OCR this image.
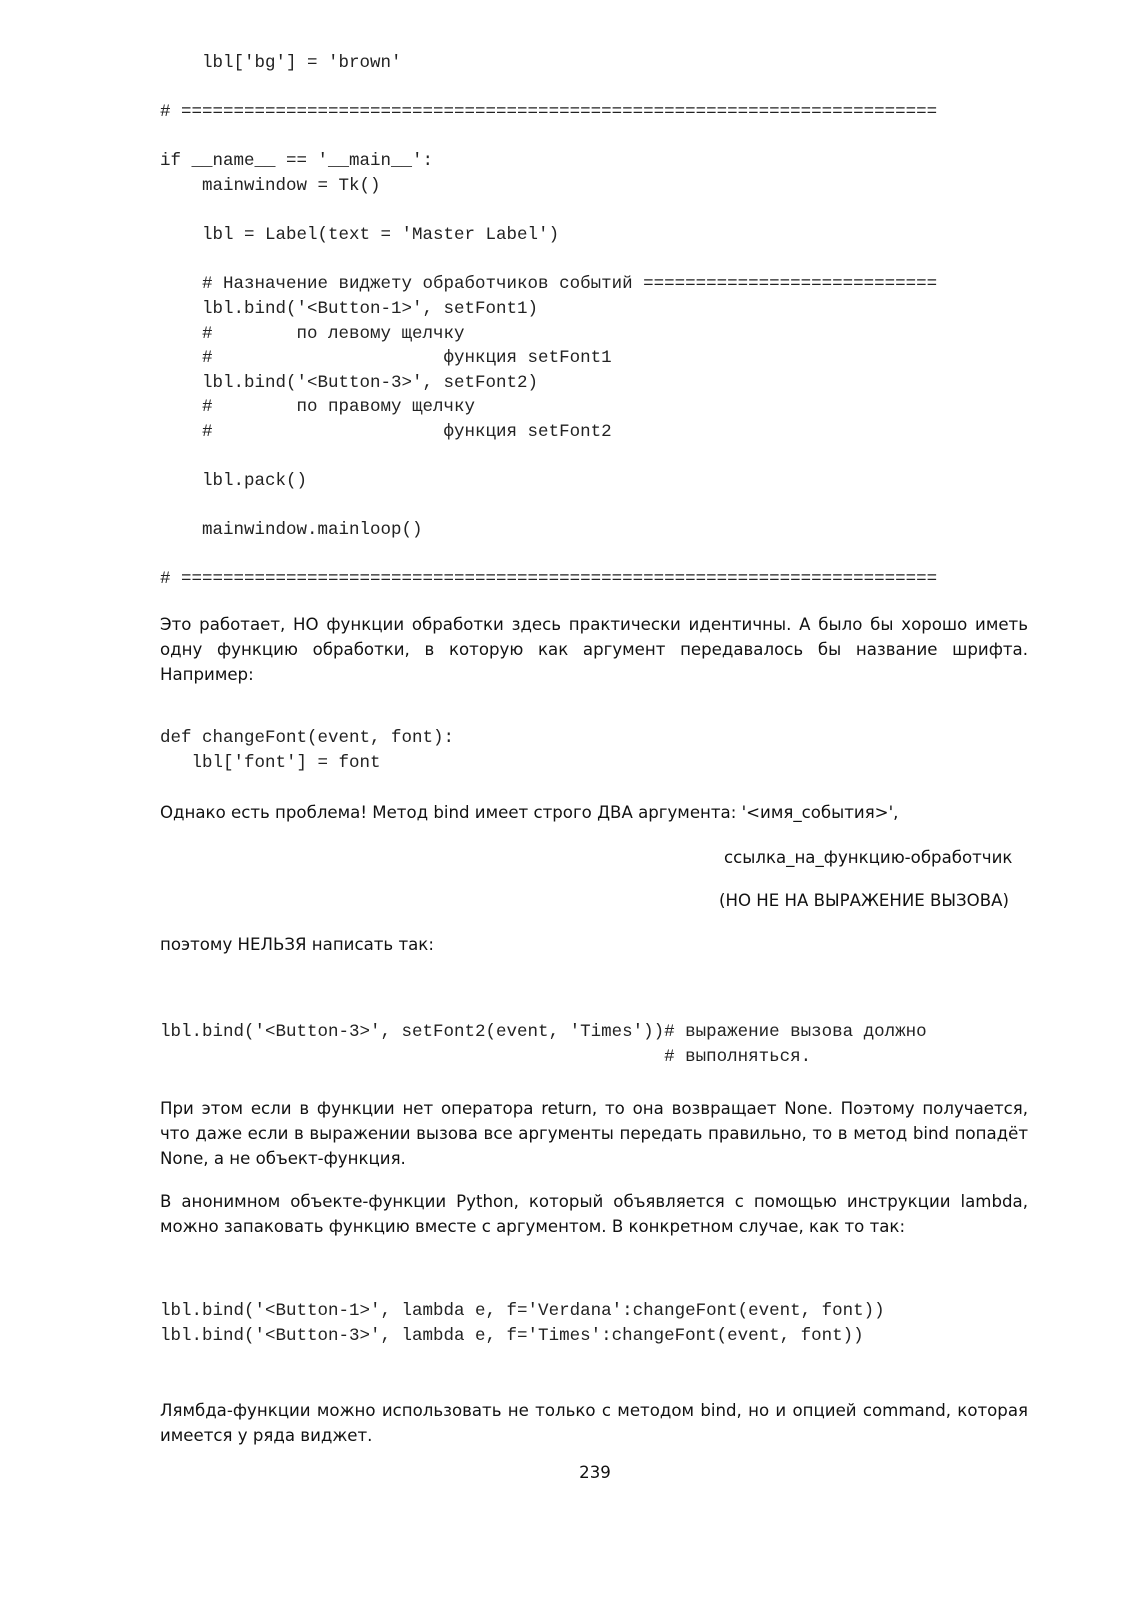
lbl['bg'] = 'brown'

# ========================================================================

if __name__ == '__main__':
mainwindow = Tk()

lbl = Label(text = 'Master Label')

# Назначение виджету обработчиков событий ============================
lbl.bind('<Button-1>', setFont1)
#        по левому щелчку
#                      функция setFont1
lbl.bind('<Button-3>', setFont2)
#        по правому щелчку
#                      функция setFont2

lbl.pack()

mainwindow.mainloop()

# ========================================================================

Это работает, НО функции обработки здесь практически идентичны. А было бы хорошо иметь одну функцию обработки, в которую как аргумент передавалось бы название шрифта. Например:

def changeFont(event, font):
lbl['font'] = font

Однако есть проблема! Метод bind имеет строго ДВА аргумента: '<имя_события>',

ссылка_на_функцию-обработчик
(НО НЕ НА ВЫРАЖЕНИЕ ВЫЗОВА)

поэтому НЕЛЬЗЯ написать так:

lbl.bind('<Button-3>', setFont2(event, 'Times'))# выражение вызова должно
# выполняться.

При этом если в функции нет оператора return, то она возвращает None. Поэтому получается, что даже если в выражении вызова все аргументы передать правильно, то в метод bind попадёт None, а не объект-функция.

В анонимном объекте-функции Python, который объявляется с помощью инструкции lambda, можно запаковать функцию вместе с аргументом. В конкретном случае, как то так:

lbl.bind('<Button-1>', lambda e, f='Verdana':changeFont(event, font))
lbl.bind('<Button-3>', lambda e, f='Times':changeFont(event, font))

Лямбда-функции можно использовать не только с методом bind, но и опцией command, которая имеется у ряда виджет.

239
